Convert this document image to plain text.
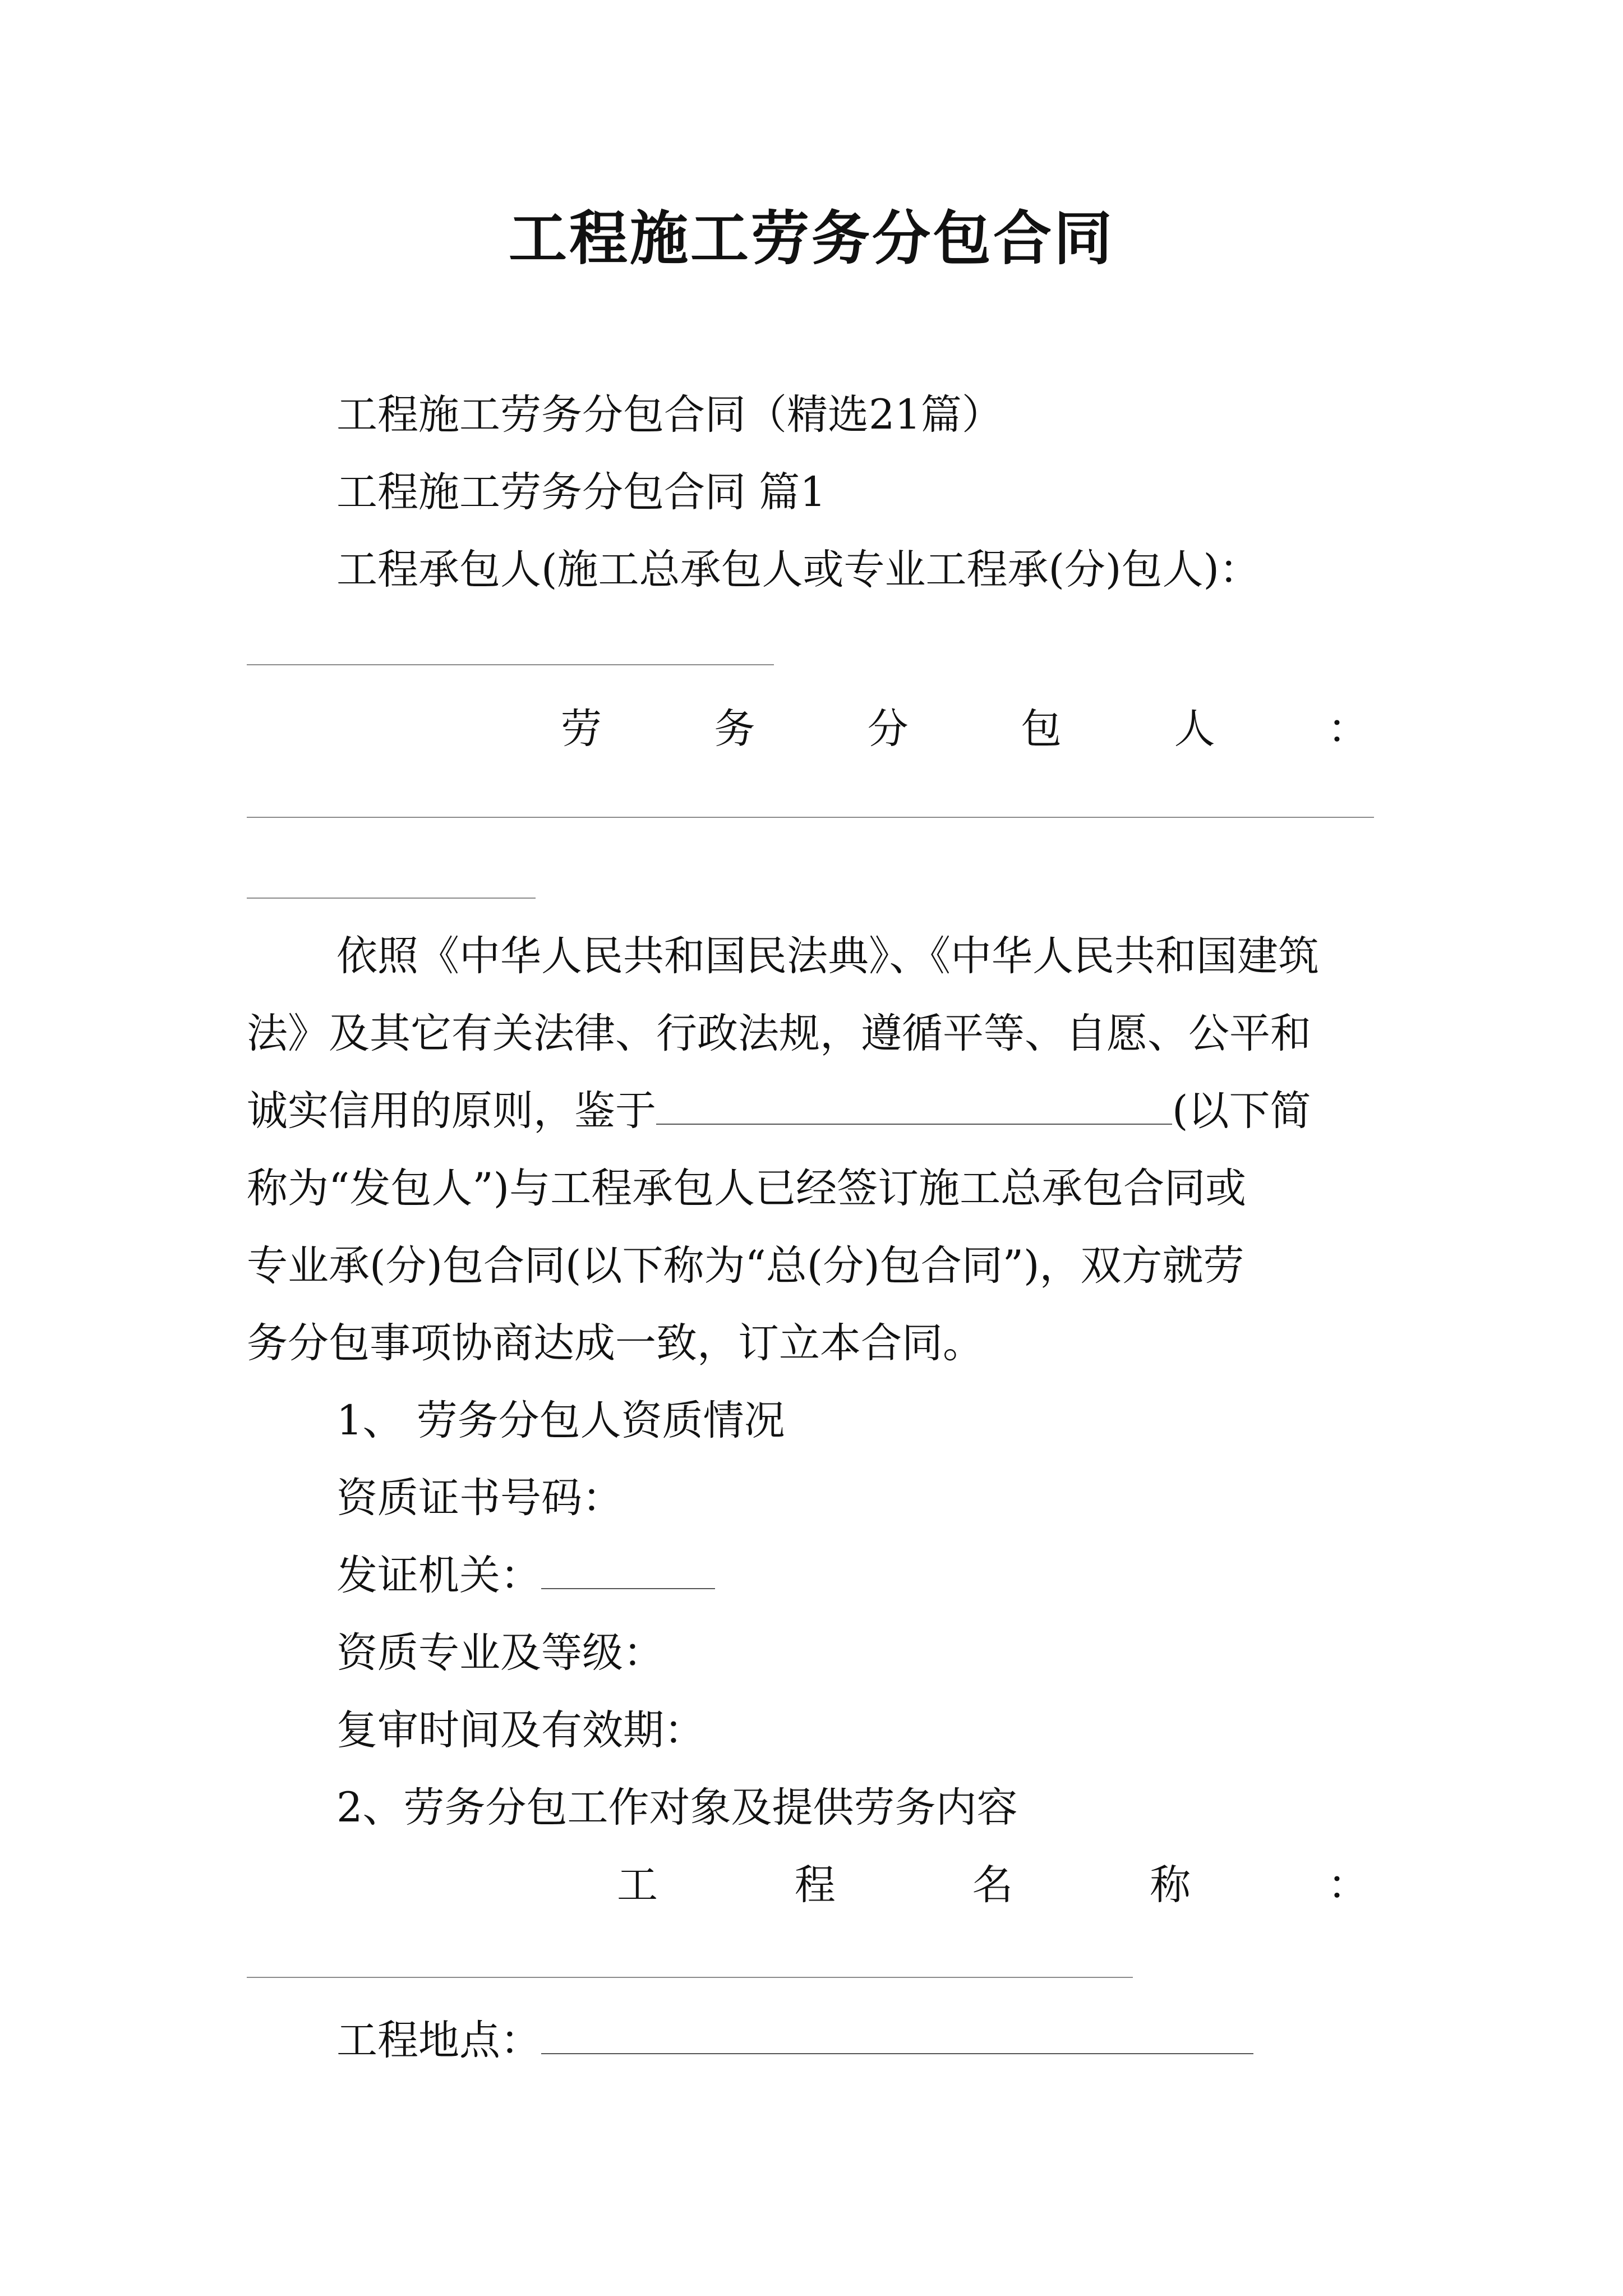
工程施工劳务分包合同
工程施工劳务分包合同（精选21篇）
工程施工劳务分包合同 篇1
工程承包人(施工总承包人或专业工程承(分)包人)：
劳	务	分	包	人	：
依照《中华人民共和国民法典》、《中华人民共和国建筑
法》及其它有关法律、行政法规，遵循平等、自愿、公平和
诚实信用的原则，鉴于	(以下简
称为“发包人”)与工程承包人已经签订施工总承包合同或
专业承(分)包合同(以下称为“总(分)包合同”)，双方就劳
务分包事项协商达成一致，订立本合同。
1、 劳务分包人资质情况
资质证书号码：
发证机关：
资质专业及等级：
复审时间及有效期：
2、劳务分包工作对象及提供劳务内容
工	程	名	称	：
工程地点：
